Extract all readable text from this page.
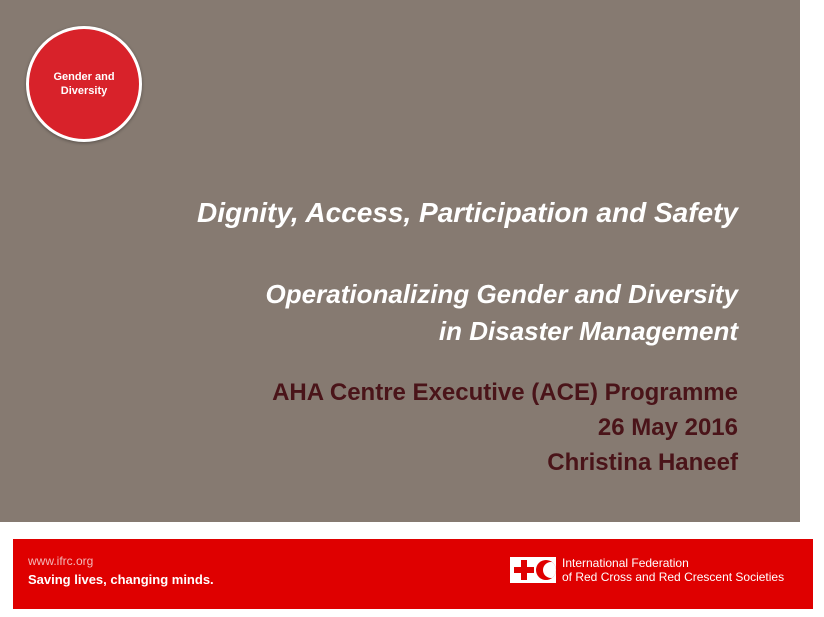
Gender and
Diversity
Dignity, Access, Participation and Safety
Operationalizing Gender and Diversity
in Disaster Management
AHA Centre Executive (ACE) Programme
26 May 2016
Christina Haneef
www.ifrc.org
Saving lives, changing minds.
International Federation
of Red Cross and Red Crescent Societies
